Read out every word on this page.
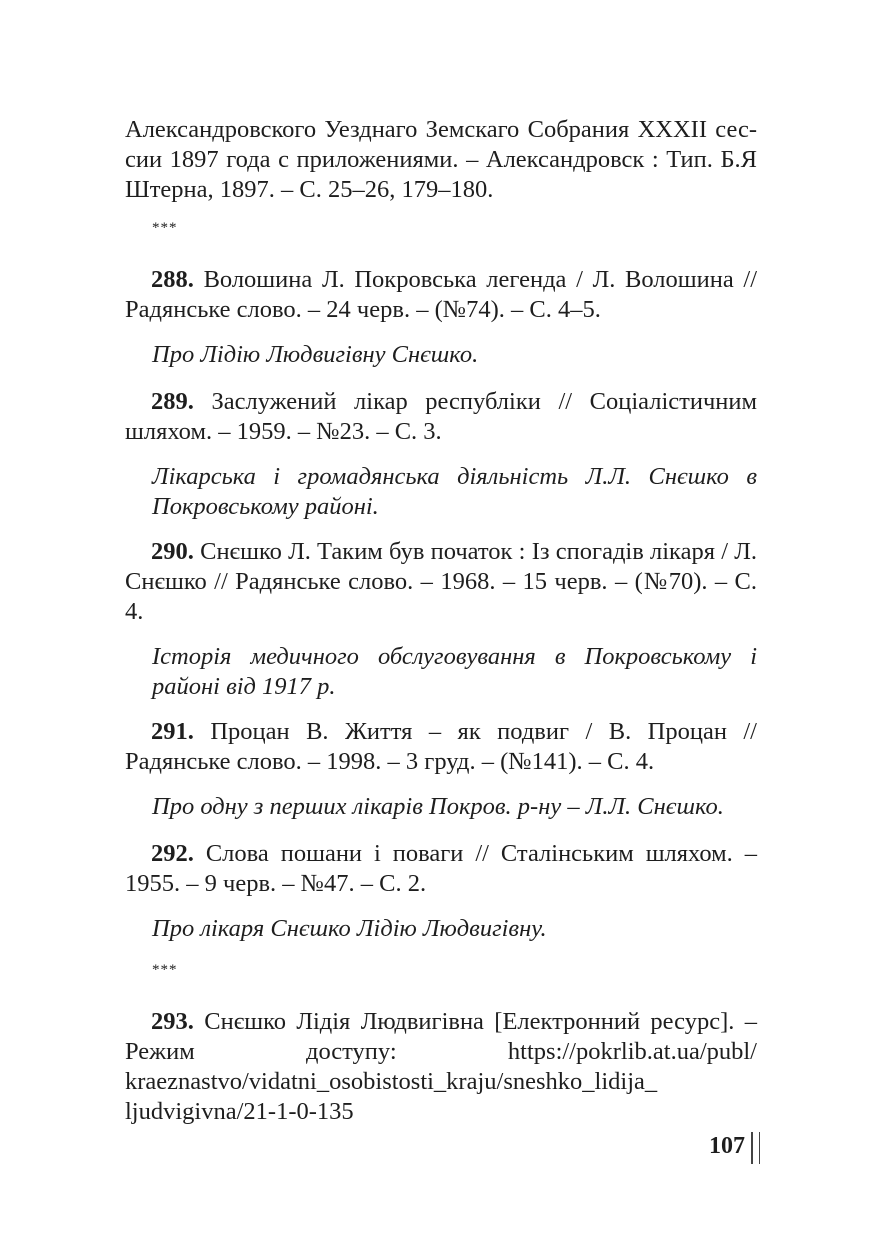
Александровского Уезднаго Земскаго Собрания XXXII сес-
сии 1897 года с приложениями. – Александровск : Тип. Б.Я
Штерна, 1897. – С. 25–26, 179–180.
***

288. Волошина Л. Покровська легенда / Л. Волошина // Радянське слово. – 24 черв. – (№74). – С. 4–5.

Про Лідію Людвигівну Снєшко.

289. Заслужений лікар республіки // Соціалістичним шляхом. – 1959. – №23. – С. 3.

Лікарська і громадянська діяльність Л.Л. Снєшко в Покровському районі.

290. Снєшко Л. Таким був початок : Із спогадів лікаря / Л. Снєшко // Радянське слово. – 1968. – 15 черв. – (№70). – С. 4.

Історія медичного обслуговування в Покровському і районі від 1917 р.

291. Процан В. Життя – як подвиг / В. Процан // Радянське слово. – 1998. – 3 груд. – (№141). – С. 4.

Про одну з перших лікарів Покров. р-ну – Л.Л. Снєшко.

292. Слова пошани і поваги // Сталінським шляхом. – 1955. – 9 черв. – №47. – С. 2.

Про лікаря Снєшко Лідію Людвигівну.

***
293. Снєшко Лідія Людвигівна [Електронний ресурс]. – Режим доступу:	https://pokrlib.at.ua/publ/
kraeznastvo/vidatni_osobistosti_kraju/sneshko_lidija_
ljudvigivna/21-1-0-135
107
